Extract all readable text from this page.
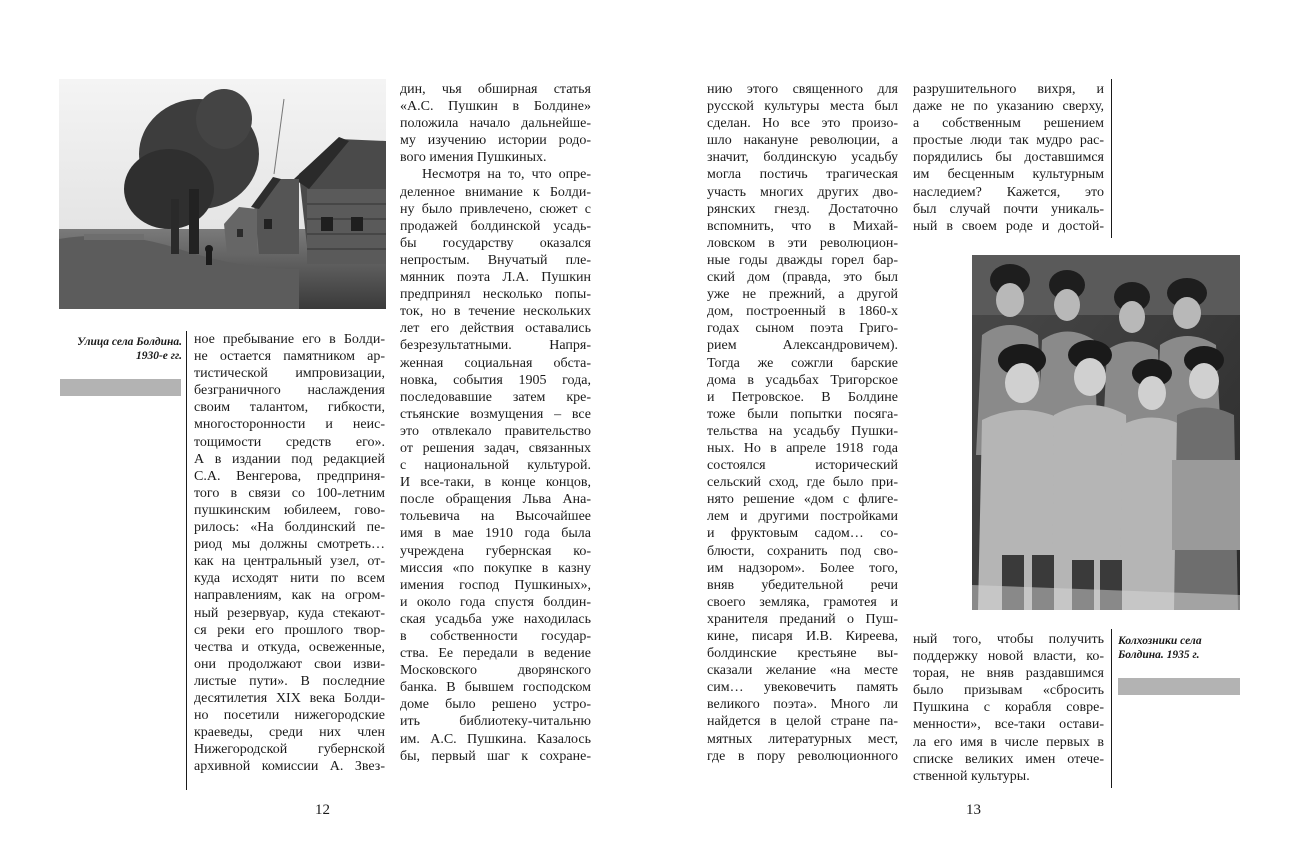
Улица села Болдина.
1930-е гг.
ное пребывание его в Болди-
не остается памятником ар-
тистической импровизации,
безграничного наслаждения
своим талантом, гибкости,
многосторонности и неис-
тощимости средств его».
А в издании под редакцией
С.А. Венгерова, предприня-
того в связи со 100-летним
пушкинским юбилеем, гово-
рилось: «На болдинский пе-
риод мы должны смотреть…
как на центральный узел, от-
куда исходят нити по всем
направлениям, как на огром-
ный резервуар, куда стекают-
ся реки его прошлого твор-
чества и откуда, освеженные,
они продолжают свои изви-
листые пути». В последние
десятилетия XIX века Болди-
но посетили нижегородские
краеведы, среди них член
Нижегородской губернской
архивной комиссии А. Звез-
дин, чья обширная статья
«А.С. Пушкин в Болдине»
положила начало дальнейше-
му изучению истории родо-
вого имения Пушкиных.
Несмотря на то, что опре-
деленное внимание к Болди-
ну было привлечено, сюжет с
продажей болдинской усадь-
бы государству оказался
непростым. Внучатый пле-
мянник поэта Л.А. Пушкин
предпринял несколько попы-
ток, но в течение нескольких
лет его действия оставались
безрезультатными. Напря-
женная социальная обста-
новка, события 1905 года,
последовавшие затем кре-
стьянские возмущения – все
это отвлекало правительство
от решения задач, связанных
с национальной культурой.
И все-таки, в конце концов,
после обращения Льва Ана-
тольевича на Высочайшее
имя в мае 1910 года была
учреждена губернская ко-
миссия «по покупке в казну
имения господ Пушкиных»,
и около года спустя болдин-
ская усадьба уже находилась
в собственности государ-
ства. Ее передали в ведение
Московского дворянского
банка. В бывшем господском
доме было решено устро-
ить библиотеку-читальню
им. А.С. Пушкина. Казалось
бы, первый шаг к сохране-
12
нию этого священного для
русской культуры места был
сделан. Но все это произо-
шло накануне революции, а
значит, болдинскую усадьбу
могла постичь трагическая
участь многих других дво-
рянских гнезд. Достаточно
вспомнить, что в Михай-
ловском в эти революцион-
ные годы дважды горел бар-
ский дом (правда, это был
уже не прежний, а другой
дом, построенный в 1860-х
годах сыном поэта Григо-
рием Александровичем).
Тогда же сожгли барские
дома в усадьбах Тригорское
и Петровское. В Болдине
тоже были попытки посяга-
тельства на усадьбу Пушки-
ных. Но в апреле 1918 года
состоялся исторический
сельский сход, где было при-
нято решение «дом с флиге-
лем и другими постройками
и фруктовым садом… со-
блюсти, сохранить под сво-
им надзором». Более того,
вняв убедительной речи
своего земляка, грамотея и
хранителя преданий о Пуш-
кине, писаря И.В. Киреева,
болдинские крестьяне вы-
сказали желание «на месте
сим… увековечить память
великого поэта». Много ли
найдется в целой стране па-
мятных литературных мест,
где в пору революционного
разрушительного вихря, и
даже не по указанию сверху,
а собственным решением
простые люди так мудро рас-
порядились бы доставшимся
им бесценным культурным
наследием? Кажется, это
был случай почти уникаль-
ный в своем роде и достой-
ный того, чтобы получить
поддержку новой власти, ко-
торая, не вняв раздавшимся
было призывам «сбросить
Пушкина с корабля совре-
менности», все-таки остави-
ла его имя в числе первых в
списке великих имен отече-
ственной культуры.
Колхозники села
Болдина. 1935 г.
13
